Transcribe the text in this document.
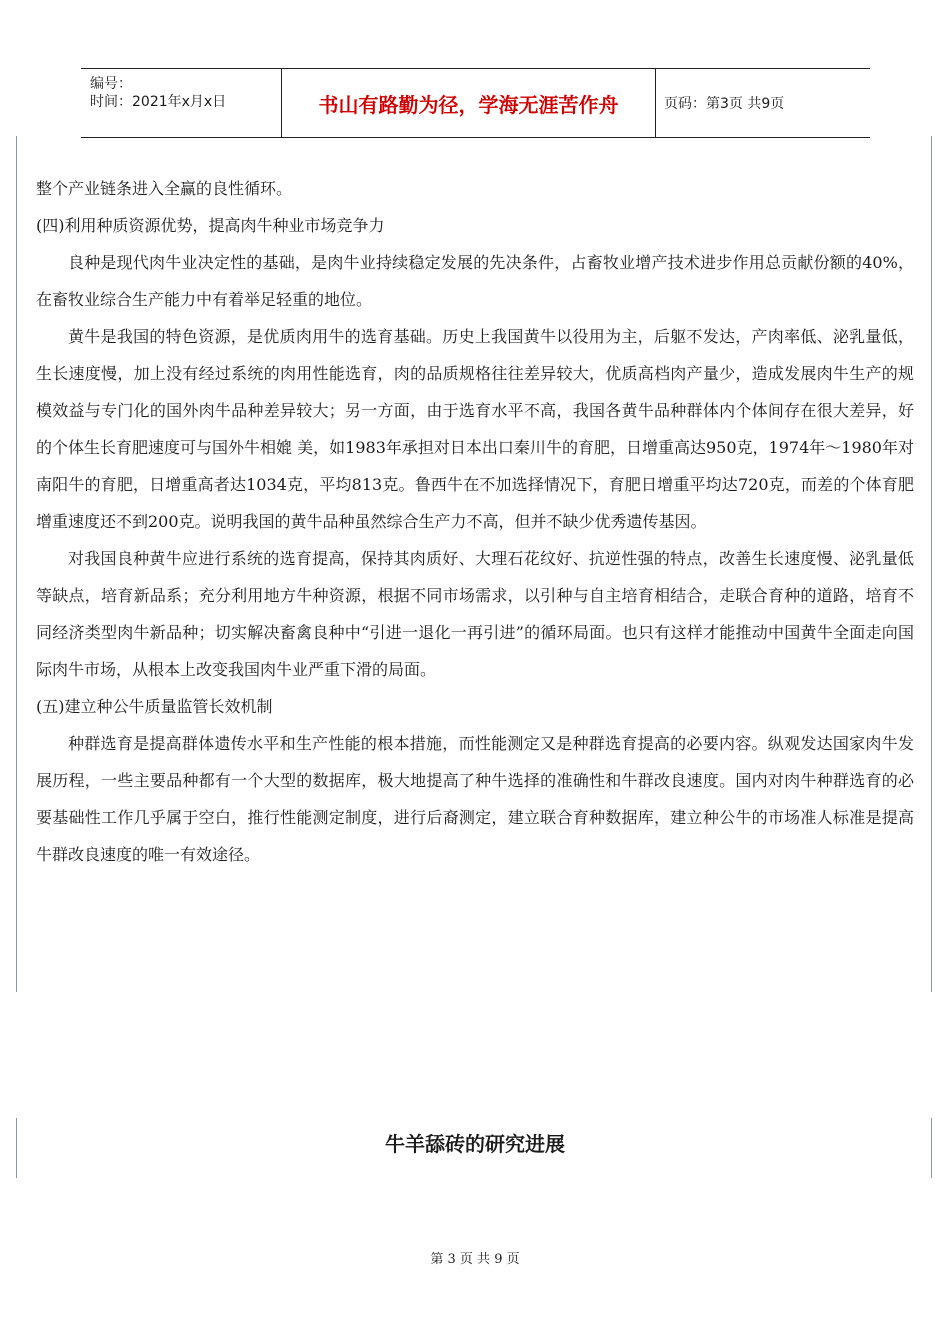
编号：
时间：2021年x月x日	书山有路勤为径，学海无涯苦作舟	页码：第3页 共9页

整个产业链条进入全赢的良性循环。

(四)利用种质资源优势，提高肉牛种业市场竞争力

良种是现代肉牛业决定性的基础，是肉牛业持续稳定发展的先决条件，占畜牧业增产技术进步作用总贡献份额的40%，在畜牧业综合生产能力中有着举足轻重的地位。

黄牛是我国的特色资源，是优质肉用牛的选育基础。历史上我国黄牛以役用为主，后躯不发达，产肉率低、泌乳量低，生长速度慢，加上没有经过系统的肉用性能选育，肉的品质规格往往差异较大，优质高档肉产量少，造成发展肉牛生产的规模效益与专门化的国外肉牛品种差异较大；另一方面，由于选育水平不高，我国各黄牛品种群体内个体间存在很大差异，好的个体生长育肥速度可与国外牛相媲 美，如1983年承担对日本出口秦川牛的育肥，日增重高达950克，1974年～1980年对南阳牛的育肥，日增重高者达1034克，平均813克。鲁西牛在不加选择情况下，育肥日增重平均达720克，而差的个体育肥增重速度还不到200克。说明我国的黄牛品种虽然综合生产力不高，但并不缺少优秀遗传基因。

对我国良种黄牛应进行系统的选育提高，保持其肉质好、大理石花纹好、抗逆性强的特点，改善生长速度慢、泌乳量低等缺点，培育新品系；充分利用地方牛种资源，根据不同市场需求，以引种与自主培育相结合，走联合育种的道路，培育不同经济类型肉牛新品种；切实解决畜禽良种中“引进一退化一再引进”的循环局面。也只有这样才能推动中国黄牛全面走向国际肉牛市场，从根本上改变我国肉牛业严重下滑的局面。

(五)建立种公牛质量监管长效机制

种群选育是提高群体遗传水平和生产性能的根本措施，而性能测定又是种群选育提高的必要内容。纵观发达国家肉牛发展历程，一些主要品种都有一个大型的数据库，极大地提高了种牛选择的准确性和牛群改良速度。国内对肉牛种群选育的必要基础性工作几乎属于空白，推行性能测定制度，进行后裔测定，建立联合育种数据库，建立种公牛的市场准人标准是提高牛群改良速度的唯一有效途径。

牛羊舔砖的研究进展
第 3 页 共 9 页
